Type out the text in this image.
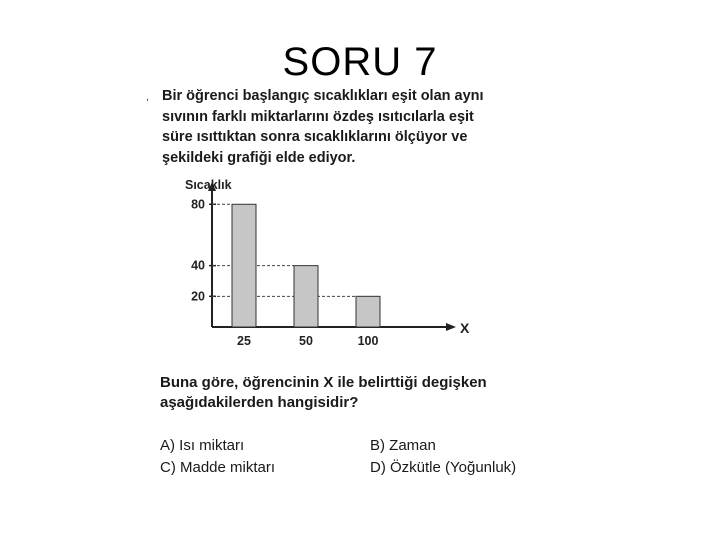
SORU 7
, Bir öğrenci başlangıç sıcaklıkları eşit olan aynı
sıvının farklı miktarlarını özdeş ısıtıcılarla eşit
süre ısıttıktan sonra sıcaklıklarını ölçüyor ve
şekildeki grafiği elde ediyor.
Sıcaklık
X
80
40
20
25	50	100
Buna göre, öğrencinin X ile belirttiği degişken
aşağıdakilerden hangisidir?
A) Isı miktarı	B) Zaman
C) Madde miktarı	D) Özkütle (Yoğunluk)
